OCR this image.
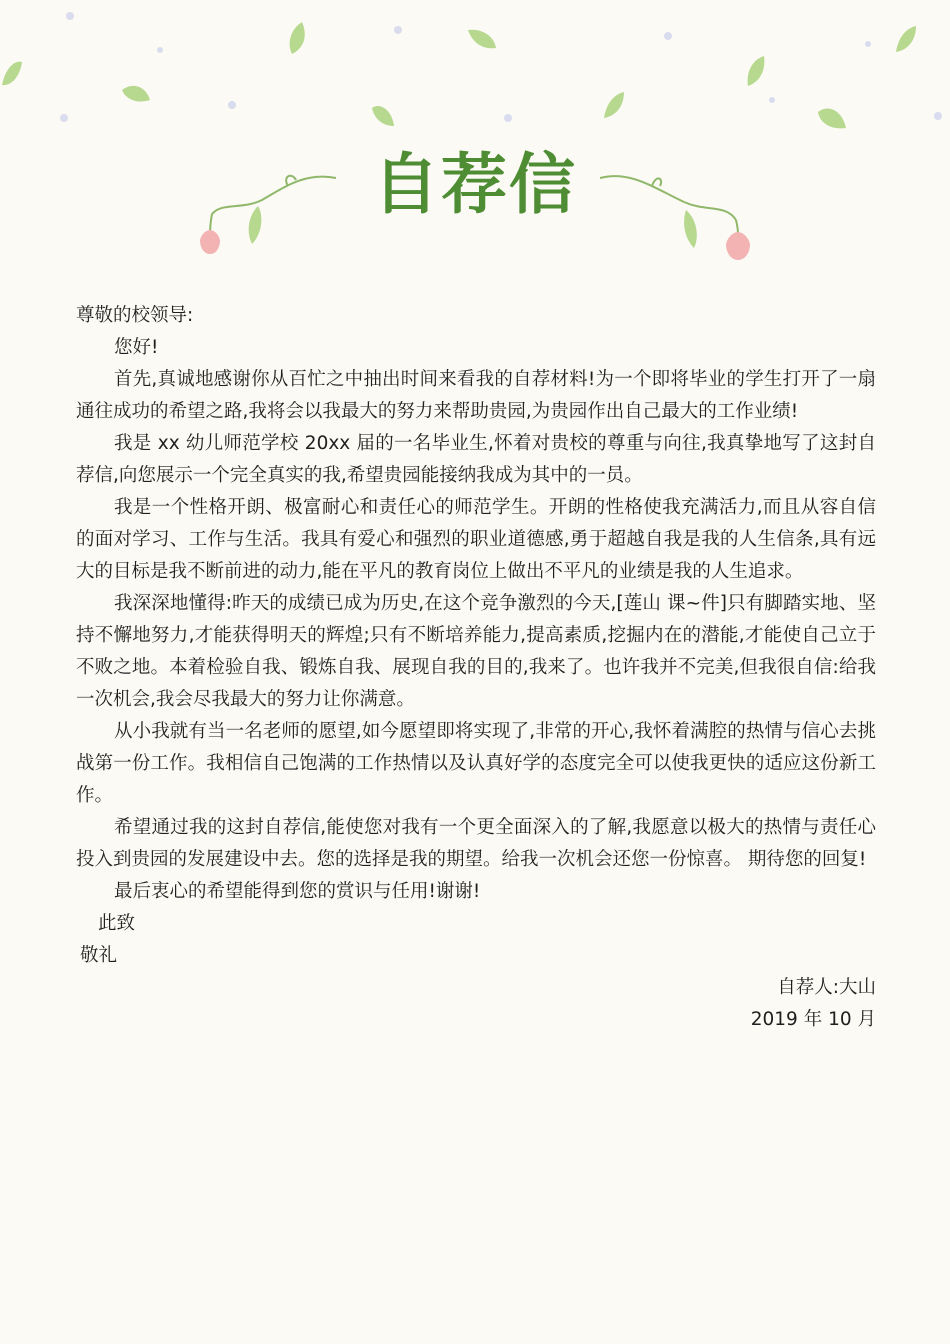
自荐信

尊敬的校领导:

您好!

首先,真诚地感谢你从百忙之中抽出时间来看我的自荐材料!为一个即将毕业的学生打开了一扇通往成功的希望之路,我将会以我最大的努力来帮助贵园,为贵园作出自己最大的工作业绩!

我是 xx 幼儿师范学校 20xx 届的一名毕业生,怀着对贵校的尊重与向往,我真挚地写了这封自荐信,向您展示一个完全真实的我,希望贵园能接纳我成为其中的一员。

我是一个性格开朗、极富耐心和责任心的师范学生。开朗的性格使我充满活力,而且从容自信的面对学习、工作与生活。我具有爱心和强烈的职业道德感,勇于超越自我是我的人生信条,具有远大的目标是我不断前进的动力,能在平凡的教育岗位上做出不平凡的业绩是我的人生追求。

我深深地懂得:昨天的成绩已成为历史,在这个竞争激烈的今天,[莲山 课~件]只有脚踏实地、坚持不懈地努力,才能获得明天的辉煌;只有不断培养能力,提高素质,挖掘内在的潜能,才能使自己立于不败之地。本着检验自我、锻炼自我、展现自我的目的,我来了。也许我并不完美,但我很自信:给我一次机会,我会尽我最大的努力让你满意。

从小我就有当一名老师的愿望,如今愿望即将实现了,非常的开心,我怀着满腔的热情与信心去挑战第一份工作。我相信自己饱满的工作热情以及认真好学的态度完全可以使我更快的适应这份新工作。

希望通过我的这封自荐信,能使您对我有一个更全面深入的了解,我愿意以极大的热情与责任心投入到贵园的发展建设中去。您的选择是我的期望。给我一次机会还您一份惊喜。 期待您的回复!

最后衷心的希望能得到您的赏识与任用!谢谢!

此致

敬礼

自荐人:大山

2019 年 10 月
